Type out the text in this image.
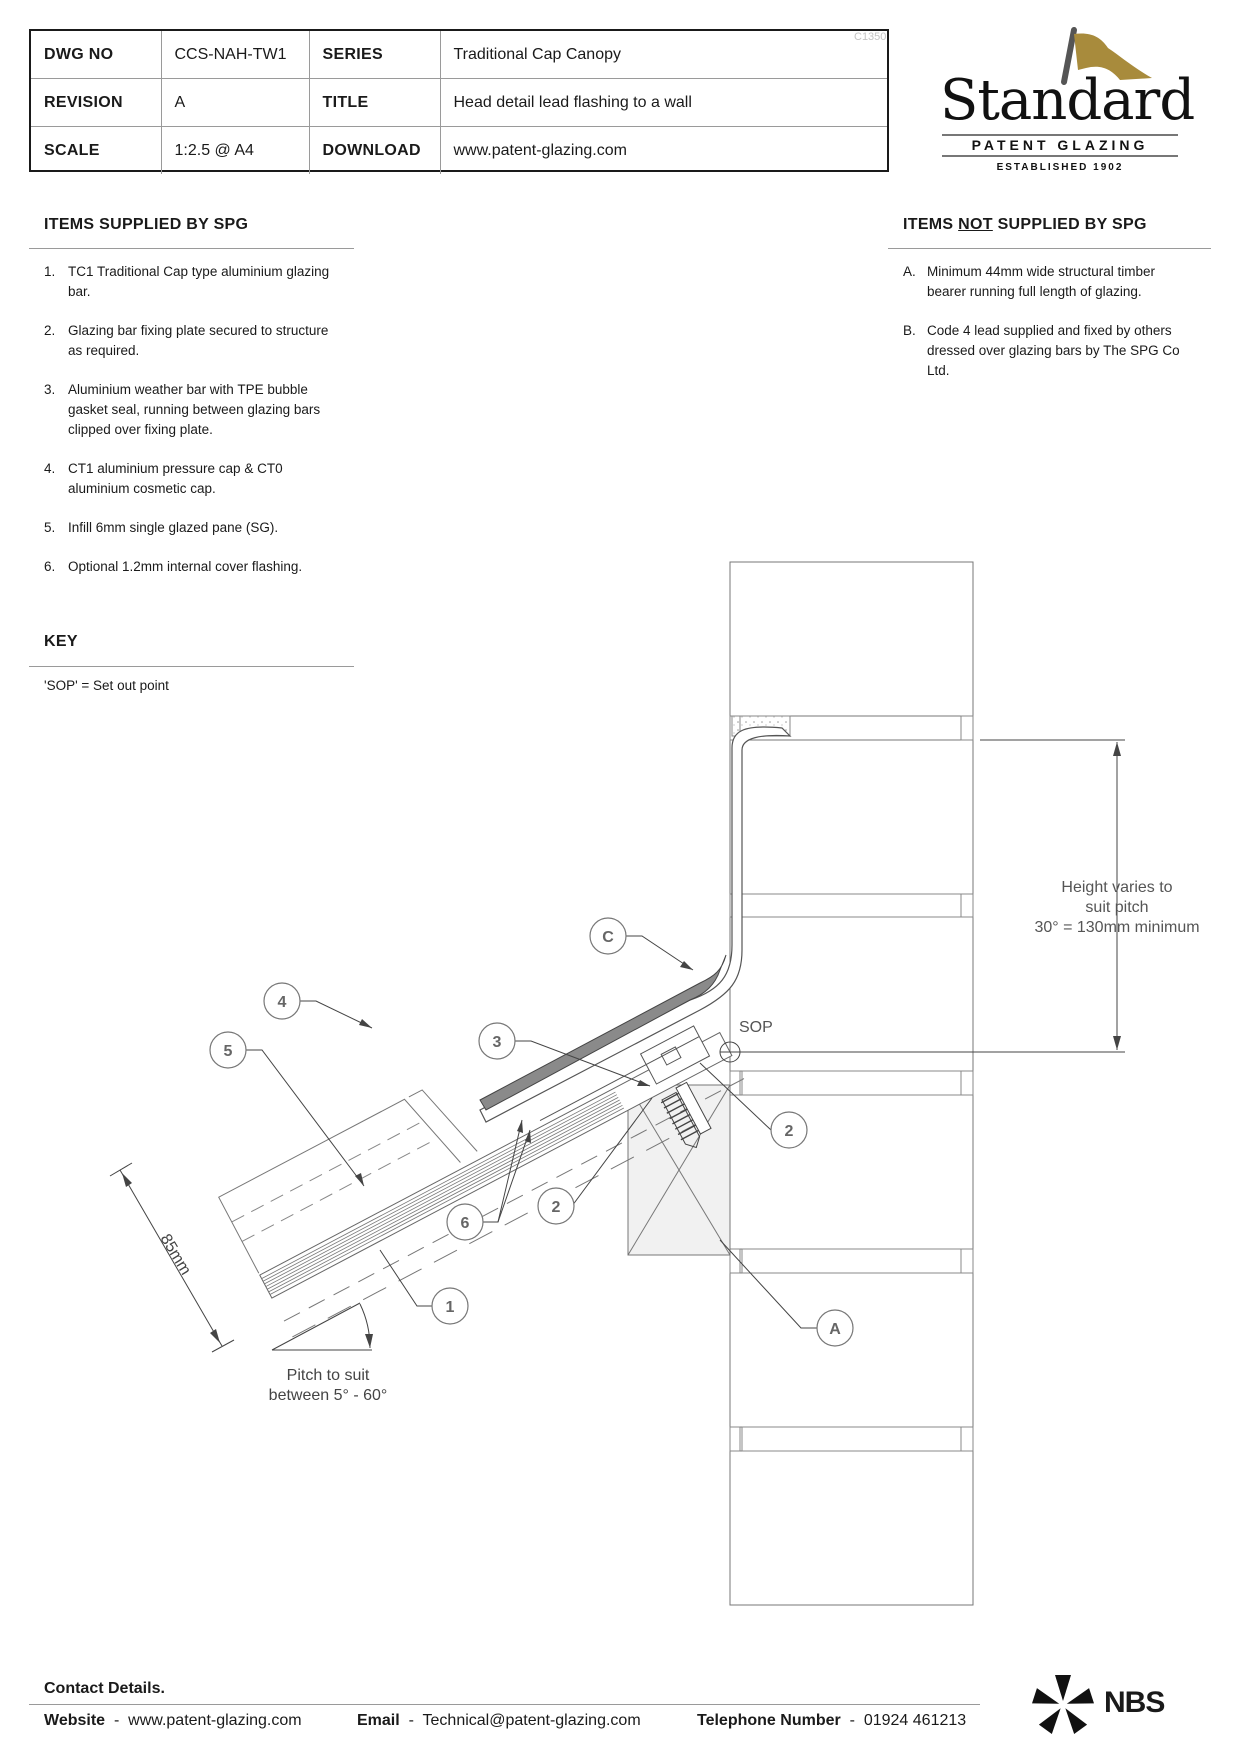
DWG NO	CCS-NAH-TW1	SERIES	Traditional Cap Canopy
REVISION	A	TITLE	Head detail lead flashing to a wall
SCALE	1:2.5 @ A4	DOWNLOAD	www.patent-glazing.com
C1350
Standard
PATENT GLAZING
ESTABLISHED 1902
ITEMS SUPPLIED BY SPG
1. TC1 Traditional Cap type aluminium glazing bar.
2. Glazing bar fixing plate secured to structure as required.
3. Aluminium weather bar with TPE bubble gasket seal, running between glazing bars clipped over fixing plate.
4. CT1 aluminium pressure cap & CT0 aluminium cosmetic cap.
5. Infill 6mm single glazed pane (SG).
6. Optional 1.2mm internal cover flashing.
ITEMS NOT SUPPLIED BY SPG
A. Minimum 44mm wide structural timber bearer running full length of glazing.
B. Code 4 lead supplied and fixed by others dressed over glazing bars by The SPG Co Ltd.
KEY
'SOP' = Set out point
SOP
Height varies to
suit pitch
30° = 130mm minimum
85mm
Pitch to suit
between 5° - 60°
C
4
5
3
2
6
2
1
A
Contact Details.
Website  -  www.patent-glazing.com	Email  -  Technical@patent-glazing.com	Telephone Number  -  01924 461213
NBS
